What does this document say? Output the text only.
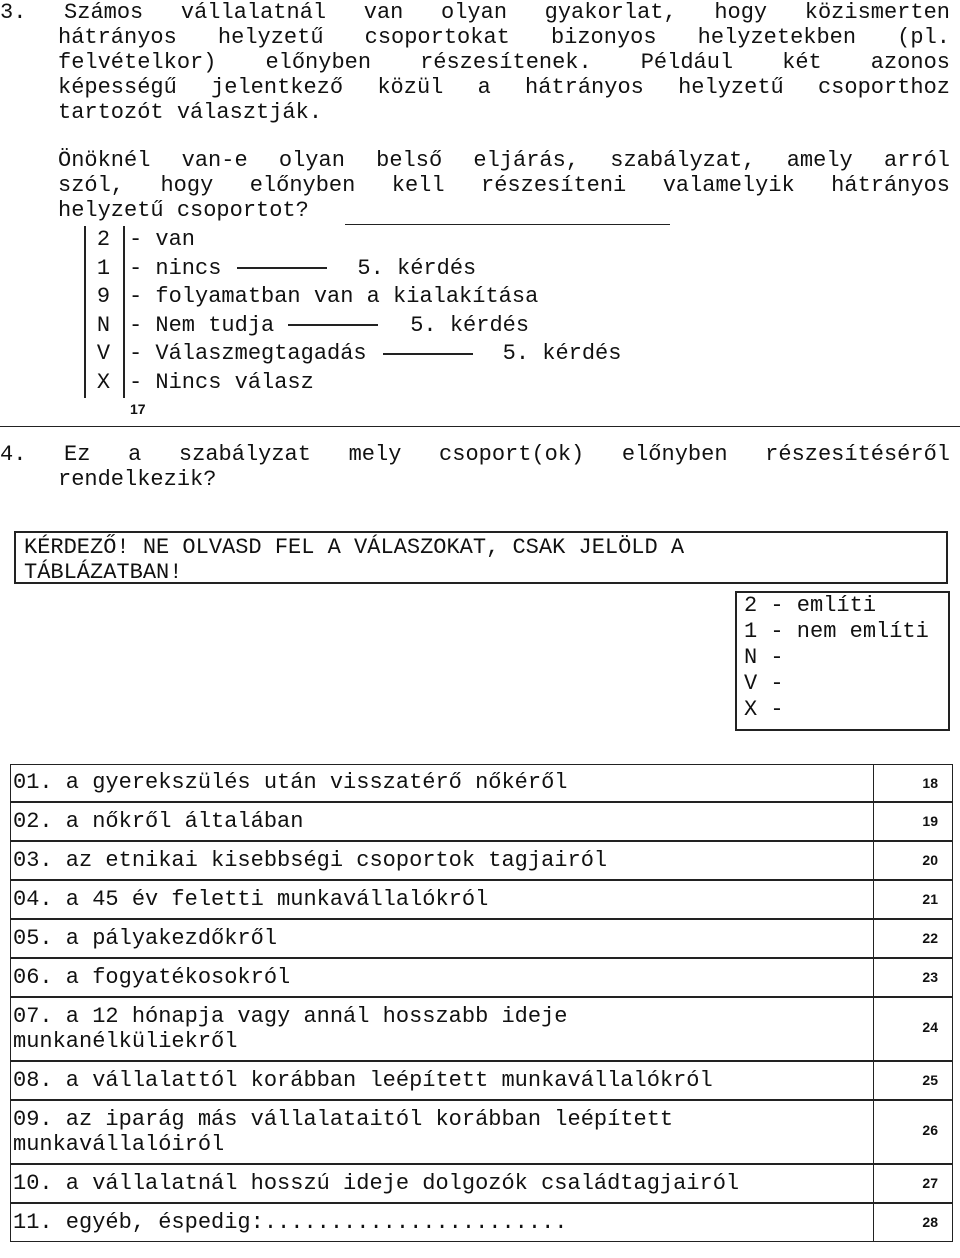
3. Számos vállalatnál van olyan gyakorlat, hogy közismerten
hátrányos helyzetű csoportokat bizonyos helyzetekben (pl.
felvételkor) előnyben részesítenek. Például két azonos
képességű jelentkező közül a hátrányos helyzetű csoporthoz
tartozót választják.
Önöknél van-e olyan belső eljárás, szabályzat, amely arról
szól, hogy előnyben kell részesíteni valamelyik hátrányos
helyzetű csoportot?
2 - van
1 - nincs	5. kérdés
9 - folyamatban van a kialakítása
N - Nem tudja	5. kérdés
V - Válaszmegtagadás	5. kérdés
X - Nincs válasz
17
4. Ez a szabályzat mely csoport(ok) előnyben részesítéséről
rendelkezik?
KÉRDEZŐ! NE OLVASD FEL A VÁLASZOKAT, CSAK JELÖLD A
TÁBLÁZATBAN!
2 - említi
1 - nem említi
N -
V -
X -
01. a gyerekszülés után visszatérő nőkéről	18
02. a nőkről általában	19
03. az etnikai kisebbségi csoportok tagjairól	20
04. a 45 év feletti munkavállalókról	21
05. a pályakezdőkről	22
06. a fogyatékosokról	23
07. a 12 hónapja vagy annál hosszabb ideje
munkanélküliekről
24
08. a vállalattól korábban leépített munkavállalókról	25
09. az iparág más vállalataitól korábban leépített
munkavállalóiról
26
10. a vállalatnál hosszú ideje dolgozók családtagjairól	27
11. egyéb, éspedig:.......................	28
